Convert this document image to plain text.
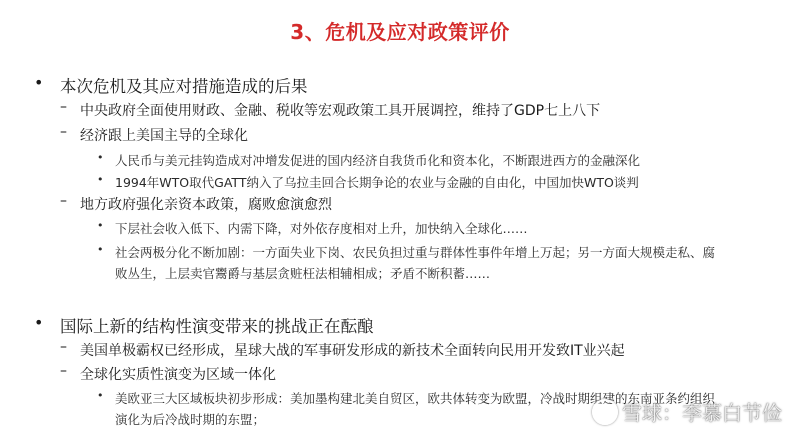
3、危机及应对政策评价
• 本次危机及其应对措施造成的后果
– 中央政府全面使用财政、金融、税收等宏观政策工具开展调控，维持了GDP七上八下
– 经济跟上美国主导的全球化
• 人民币与美元挂钩造成对冲增发促进的国内经济自我货币化和资本化，不断跟进西方的金融深化
• 1994年WTO取代GATT纳入了乌拉圭回合长期争论的农业与金融的自由化，中国加快WTO谈判
– 地方政府强化亲资本政策，腐败愈演愈烈
• 下层社会收入低下、内需下降，对外依存度相对上升，加快纳入全球化……
• 社会两极分化不断加剧：一方面失业下岗、农民负担过重与群体性事件年增上万起；另一方面大规模走私、腐
败丛生，上层卖官鬻爵与基层贪赃枉法相辅相成；矛盾不断积蓄……
• 国际上新的结构性演变带来的挑战正在酝酿
– 美国单极霸权已经形成，星球大战的军事研发形成的新技术全面转向民用开发致IT业兴起
– 全球化实质性演变为区域一体化
• 美欧亚三大区域板块初步形成：美加墨构建北美自贸区，欧共体转变为欧盟，冷战时期组建的东南亚条约组织
演化为后冷战时期的东盟；	雪球：李慕白节俭
